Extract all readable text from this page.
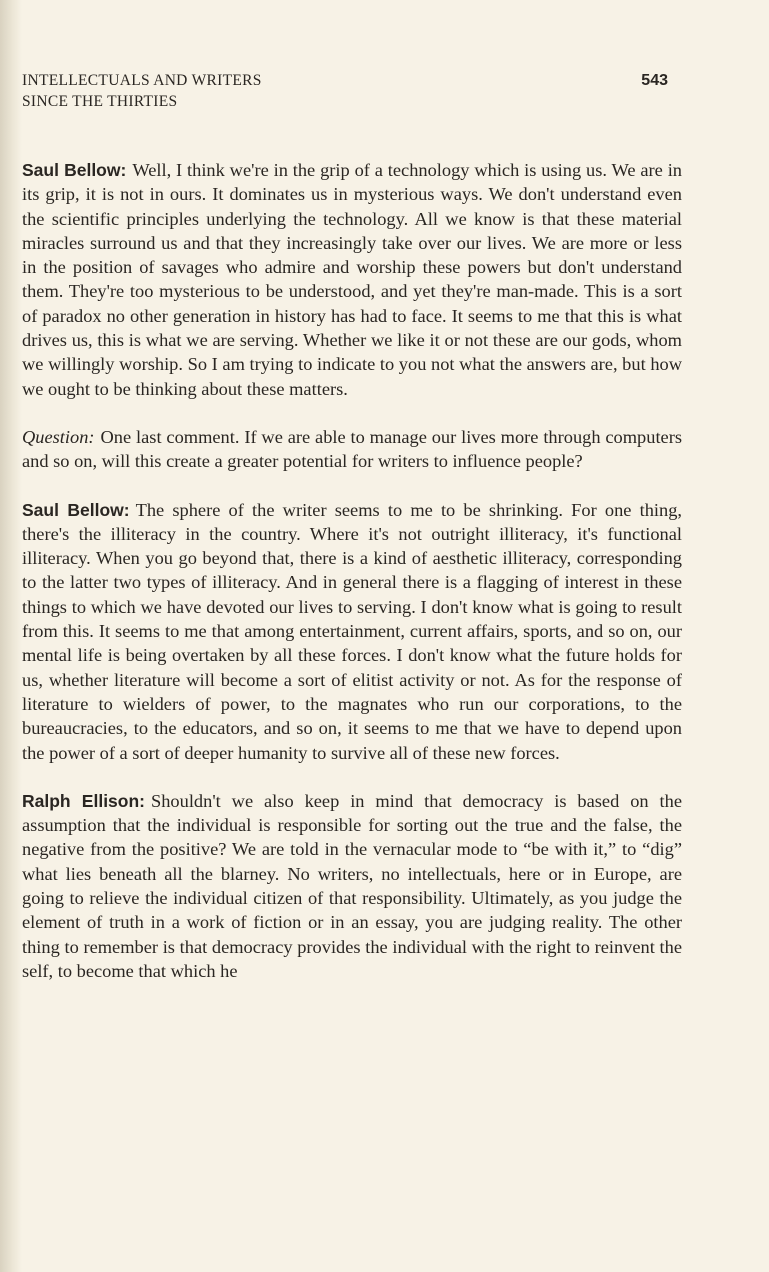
INTELLECTUALS AND WRITERS
SINCE THE THIRTIES
543

Saul Bellow: Well, I think we're in the grip of a technology which is using us. We are in its grip, it is not in ours. It dominates us in mysterious ways. We don't understand even the scientific principles underlying the technology. All we know is that these material miracles surround us and that they increasingly take over our lives. We are more or less in the position of savages who admire and worship these powers but don't understand them. They're too mysterious to be understood, and yet they're man-made. This is a sort of paradox no other generation in history has had to face. It seems to me that this is what drives us, this is what we are serving. Whether we like it or not these are our gods, whom we willingly worship. So I am trying to indicate to you not what the answers are, but how we ought to be thinking about these matters.

Question: One last comment. If we are able to manage our lives more through computers and so on, will this create a greater potential for writers to influence people?

Saul Bellow: The sphere of the writer seems to me to be shrinking. For one thing, there's the illiteracy in the country. Where it's not outright illiteracy, it's functional illiteracy. When you go beyond that, there is a kind of aesthetic illiteracy, corresponding to the latter two types of illiteracy. And in general there is a flagging of interest in these things to which we have devoted our lives to serving. I don't know what is going to result from this. It seems to me that among entertainment, current affairs, sports, and so on, our mental life is being overtaken by all these forces. I don't know what the future holds for us, whether literature will become a sort of elitist activity or not. As for the response of literature to wielders of power, to the magnates who run our corporations, to the bureaucracies, to the educators, and so on, it seems to me that we have to depend upon the power of a sort of deeper humanity to survive all of these new forces.

Ralph Ellison: Shouldn't we also keep in mind that democracy is based on the assumption that the individual is responsible for sorting out the true and the false, the negative from the positive? We are told in the vernacular mode to “be with it,” to “dig” what lies beneath all the blarney. No writers, no intellectuals, here or in Europe, are going to relieve the individual citizen of that responsibility. Ultimately, as you judge the element of truth in a work of fiction or in an essay, you are judging reality. The other thing to remember is that democracy provides the individual with the right to reinvent the self, to become that which he
